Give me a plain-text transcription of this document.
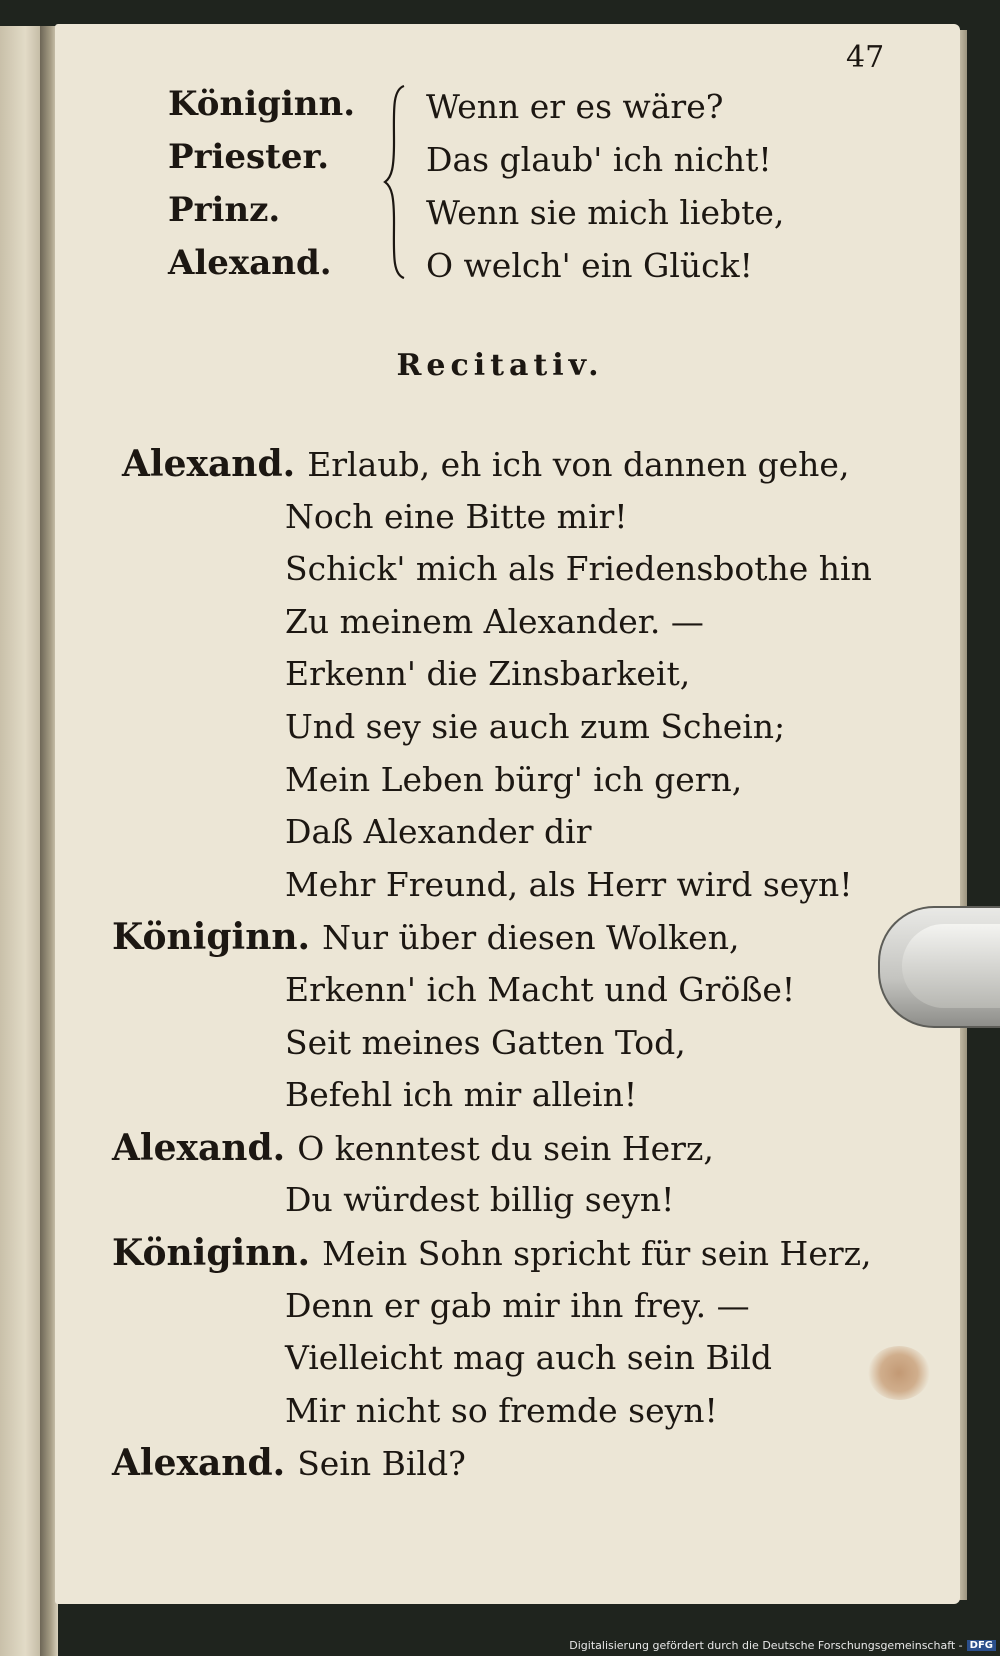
47
Königinn.
Priester.
Prinz.
Alexand.
Wenn er es wäre?
Das glaub' ich nicht!
Wenn sie mich liebte,
O welch' ein Glück!
Recitativ.
Alexand. Erlaub, eh ich von dannen gehe,
Noch eine Bitte mir!
Schick' mich als Friedensbothe hin
Zu meinem Alexander. —
Erkenn' die Zinsbarkeit,
Und sey sie auch zum Schein;
Mein Leben bürg' ich gern,
Daß Alexander dir
Mehr Freund, als Herr wird seyn!
Königinn. Nur über diesen Wolken,
Erkenn' ich Macht und Größe!
Seit meines Gatten Tod,
Befehl ich mir allein!
Alexand. O kenntest du sein Herz,
Du würdest billig seyn!
Königinn. Mein Sohn spricht für sein Herz,
Denn er gab mir ihn frey. —
Vielleicht mag auch sein Bild
Mir nicht so fremde seyn!
Alexand. Sein Bild?
Digitalisierung gefördert durch die Deutsche Forschungsgemeinschaft - DFG
